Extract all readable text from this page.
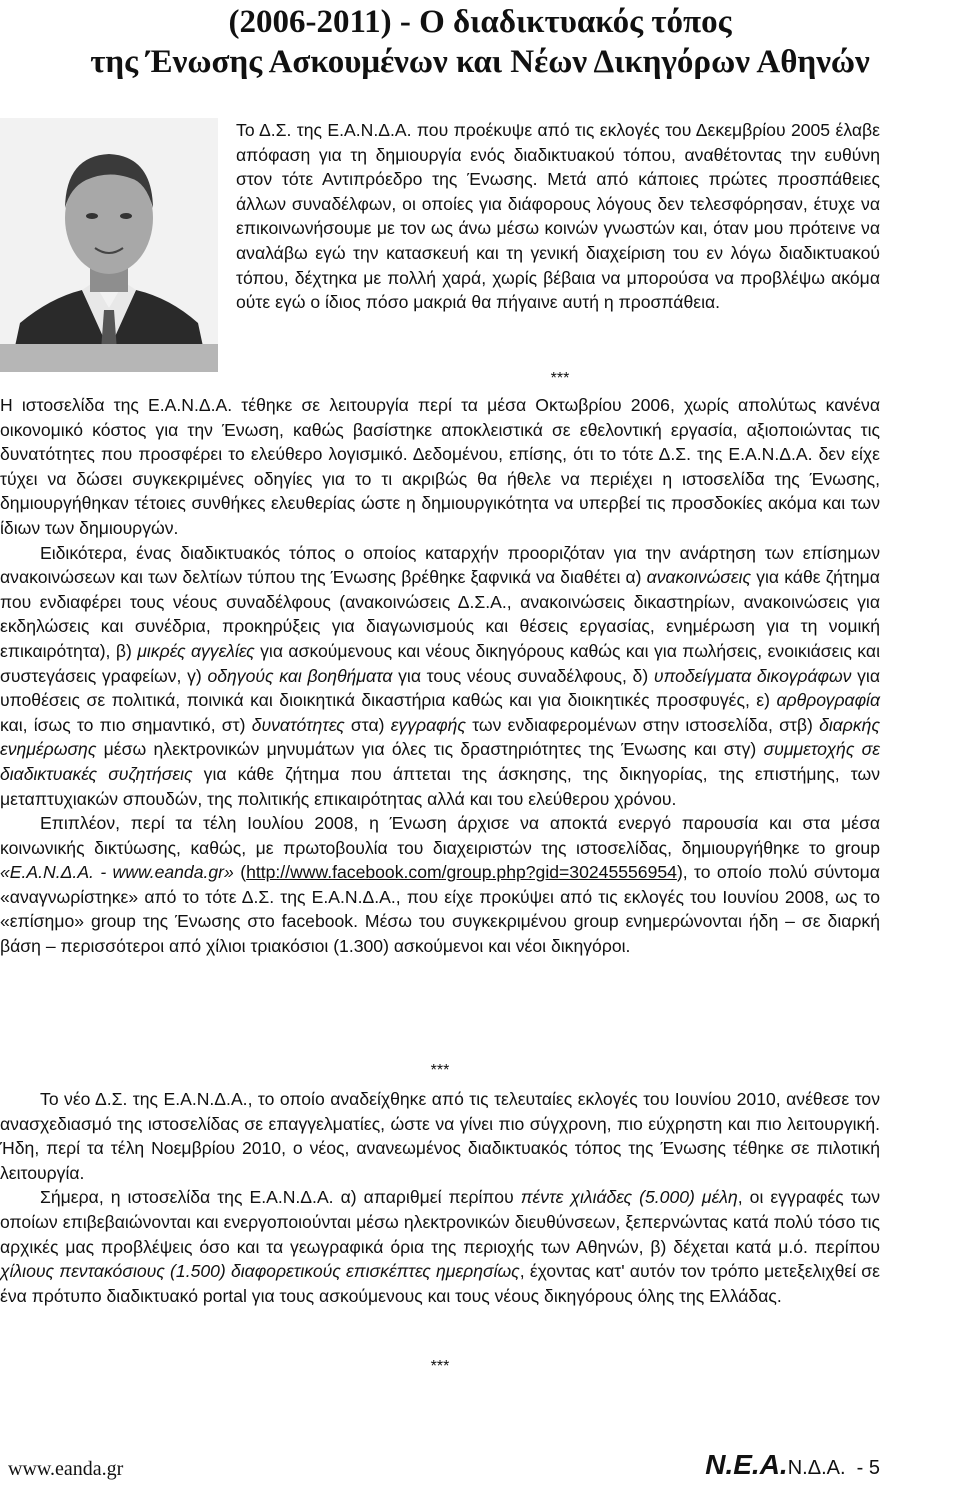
(2006-2011) - Ο διαδικτυακός τόπος
της Ένωσης Ασκουμένων και Νέων Δικηγόρων Αθηνών

Το Δ.Σ. της Ε.Α.Ν.Δ.Α. που προέκυψε από τις εκλογές του Δεκεμβρίου 2005 έλαβε απόφαση για τη δημιουργία ενός διαδικτυακού τόπου, αναθέτοντας την ευθύνη στον τότε Αντιπρόεδρο της Ένωσης. Μετά από κάποιες πρώτες προσπάθειες άλλων συναδέλφων, οι οποίες για διάφορους λόγους δεν τελεσφόρησαν, έτυχε να επικοινωνήσουμε με τον ως άνω μέσω κοινών γνωστών και, όταν μου πρότεινε να αναλάβω εγώ την κατασκευή και τη γενική διαχείριση του εν λόγω διαδικτυακού τόπου, δέχτηκα με πολλή χαρά, χωρίς βέβαια να μπορούσα να προβλέψω ακόμα ούτε εγώ ο ίδιος πόσο μακριά θα πήγαινε αυτή η προσπάθεια.

***

Η ιστοσελίδα της Ε.Α.Ν.Δ.Α. τέθηκε σε λειτουργία περί τα μέσα Οκτωβρίου 2006, χωρίς απολύτως κανένα οικονομικό κόστος για την Ένωση, καθώς βασίστηκε αποκλειστικά σε εθελοντική εργασία, αξιοποιώντας τις δυνατότητες που προσφέρει το ελεύθερο λογισμικό. Δεδομένου, επίσης, ότι το τότε Δ.Σ. της Ε.Α.Ν.Δ.Α. δεν είχε τύχει να δώσει συγκεκριμένες οδηγίες για το τι ακριβώς θα ήθελε να περιέχει η ιστοσελίδα της Ένωσης, δημιουργήθηκαν τέτοιες συνθήκες ελευθερίας ώστε η δημιουργικότητα να υπερβεί τις προσδοκίες ακόμα και των ίδιων των δημιουργών.

Ειδικότερα, ένας διαδικτυακός τόπος ο οποίος καταρχήν προοριζόταν για την ανάρτηση των επίσημων ανακοινώσεων και των δελτίων τύπου της Ένωσης βρέθηκε ξαφνικά να διαθέτει α) ανακοινώσεις για κάθε ζήτημα που ενδιαφέρει τους νέους συναδέλφους (ανακοινώσεις Δ.Σ.Α., ανακοινώσεις δικαστηρίων, ανακοινώσεις για εκδηλώσεις και συνέδρια, προκηρύξεις για διαγωνισμούς και θέσεις εργασίας, ενημέρωση για τη νομική επικαιρότητα), β) μικρές αγγελίες για ασκούμενους και νέους δικηγόρους καθώς και για πωλήσεις, ενοικιάσεις και συστεγάσεις γραφείων, γ) οδηγούς και βοηθήματα για τους νέους συναδέλφους, δ) υποδείγματα δικογράφων για υποθέσεις σε πολιτικά, ποινικά και διοικητικά δικαστήρια καθώς και για διοικητικές προσφυγές, ε) αρθρογραφία και, ίσως το πιο σημαντικό, στ) δυνατότητες στα) εγγραφής των ενδιαφερομένων στην ιστοσελίδα, στβ) διαρκής ενημέρωσης μέσω ηλεκτρονικών μηνυμάτων για όλες τις δραστηριότητες της Ένωσης και στγ) συμμετοχής σε διαδικτυακές συζητήσεις για κάθε ζήτημα που άπτεται της άσκησης, της δικηγορίας, της επιστήμης, των μεταπτυχιακών σπουδών, της πολιτικής επικαιρότητας αλλά και του ελεύθερου χρόνου.

Επιπλέον, περί τα τέλη Ιουλίου 2008, η Ένωση άρχισε να αποκτά ενεργό παρουσία και στα μέσα κοινωνικής δικτύωσης, καθώς, με πρωτοβουλία του διαχειριστών της ιστοσελίδας, δημιουργήθηκε το group «Ε.Α.Ν.Δ.Α. - www.eanda.gr» (http://www.facebook.com/group.php?gid=30245556954), το οποίο πολύ σύντομα «αναγνωρίστηκε» από το τότε Δ.Σ. της Ε.Α.Ν.Δ.Α., που είχε προκύψει από τις εκλογές του Ιουνίου 2008, ως το «επίσημο» group της Ένωσης στο facebook. Μέσω του συγκεκριμένου group ενημερώνονται ήδη – σε διαρκή βάση – περισσότεροι από χίλιοι τριακόσιοι (1.300) ασκούμενοι και νέοι δικηγόροι.

***

Το νέο Δ.Σ. της Ε.Α.Ν.Δ.Α., το οποίο αναδείχθηκε από τις τελευταίες εκλογές του Ιουνίου 2010, ανέθεσε τον ανασχεδιασμό της ιστοσελίδας σε επαγγελματίες, ώστε να γίνει πιο σύγχρονη, πιο εύχρηστη και πιο λειτουργική. Ήδη, περί τα τέλη Νοεμβρίου 2010, ο νέος, ανανεωμένος διαδικτυακός τόπος της Ένωσης τέθηκε σε πιλοτική λειτουργία.

Σήμερα, η ιστοσελίδα της Ε.Α.Ν.Δ.Α. α) απαριθμεί περίπου πέντε χιλιάδες (5.000) μέλη, οι εγγραφές των οποίων επιβεβαιώνονται και ενεργοποιούνται μέσω ηλεκτρονικών διευθύνσεων, ξεπερνώντας κατά πολύ τόσο τις αρχικές μας προβλέψεις όσο και τα γεωγραφικά όρια της περιοχής των Αθηνών, β) δέχεται κατά μ.ό. περίπου χίλιους πεντακόσιους (1.500) διαφορετικούς επισκέπτες ημερησίως, έχοντας κατ' αυτόν τον τρόπο μετεξελιχθεί σε ένα πρότυπο διαδικτυακό portal για τους ασκούμενους και τους νέους δικηγόρους όλης της Ελλάδας.

***
www.eanda.gr	Ν.Ε.Α.Ν.Δ.Α. - 5
